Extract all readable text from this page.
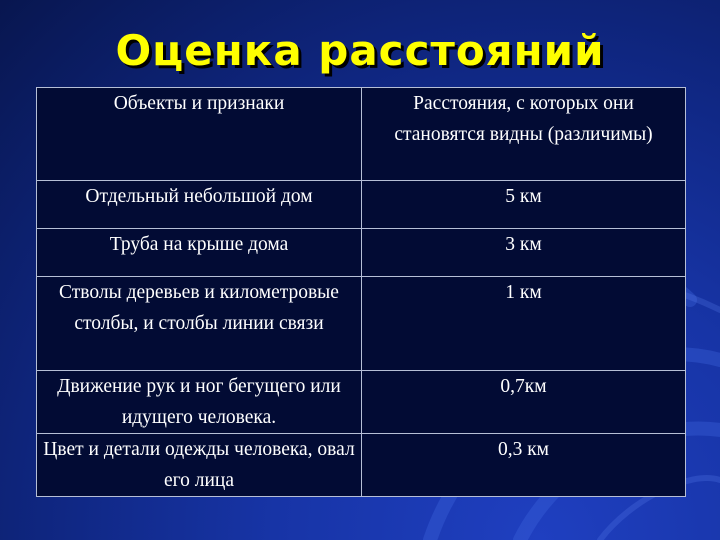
Оценка расстояний
Объекты и признаки	Расстояния, с которых они становятся видны (различимы)
Отдельный небольшой дом	5 км
Труба на крыше дома	3 км
Стволы деревьев и километровые столбы, и столбы линии связи	1 км
Движение рук и ног бегущего или идущего человека.	0,7км
Цвет и детали одежды человека, овал его лица	0,3 км
